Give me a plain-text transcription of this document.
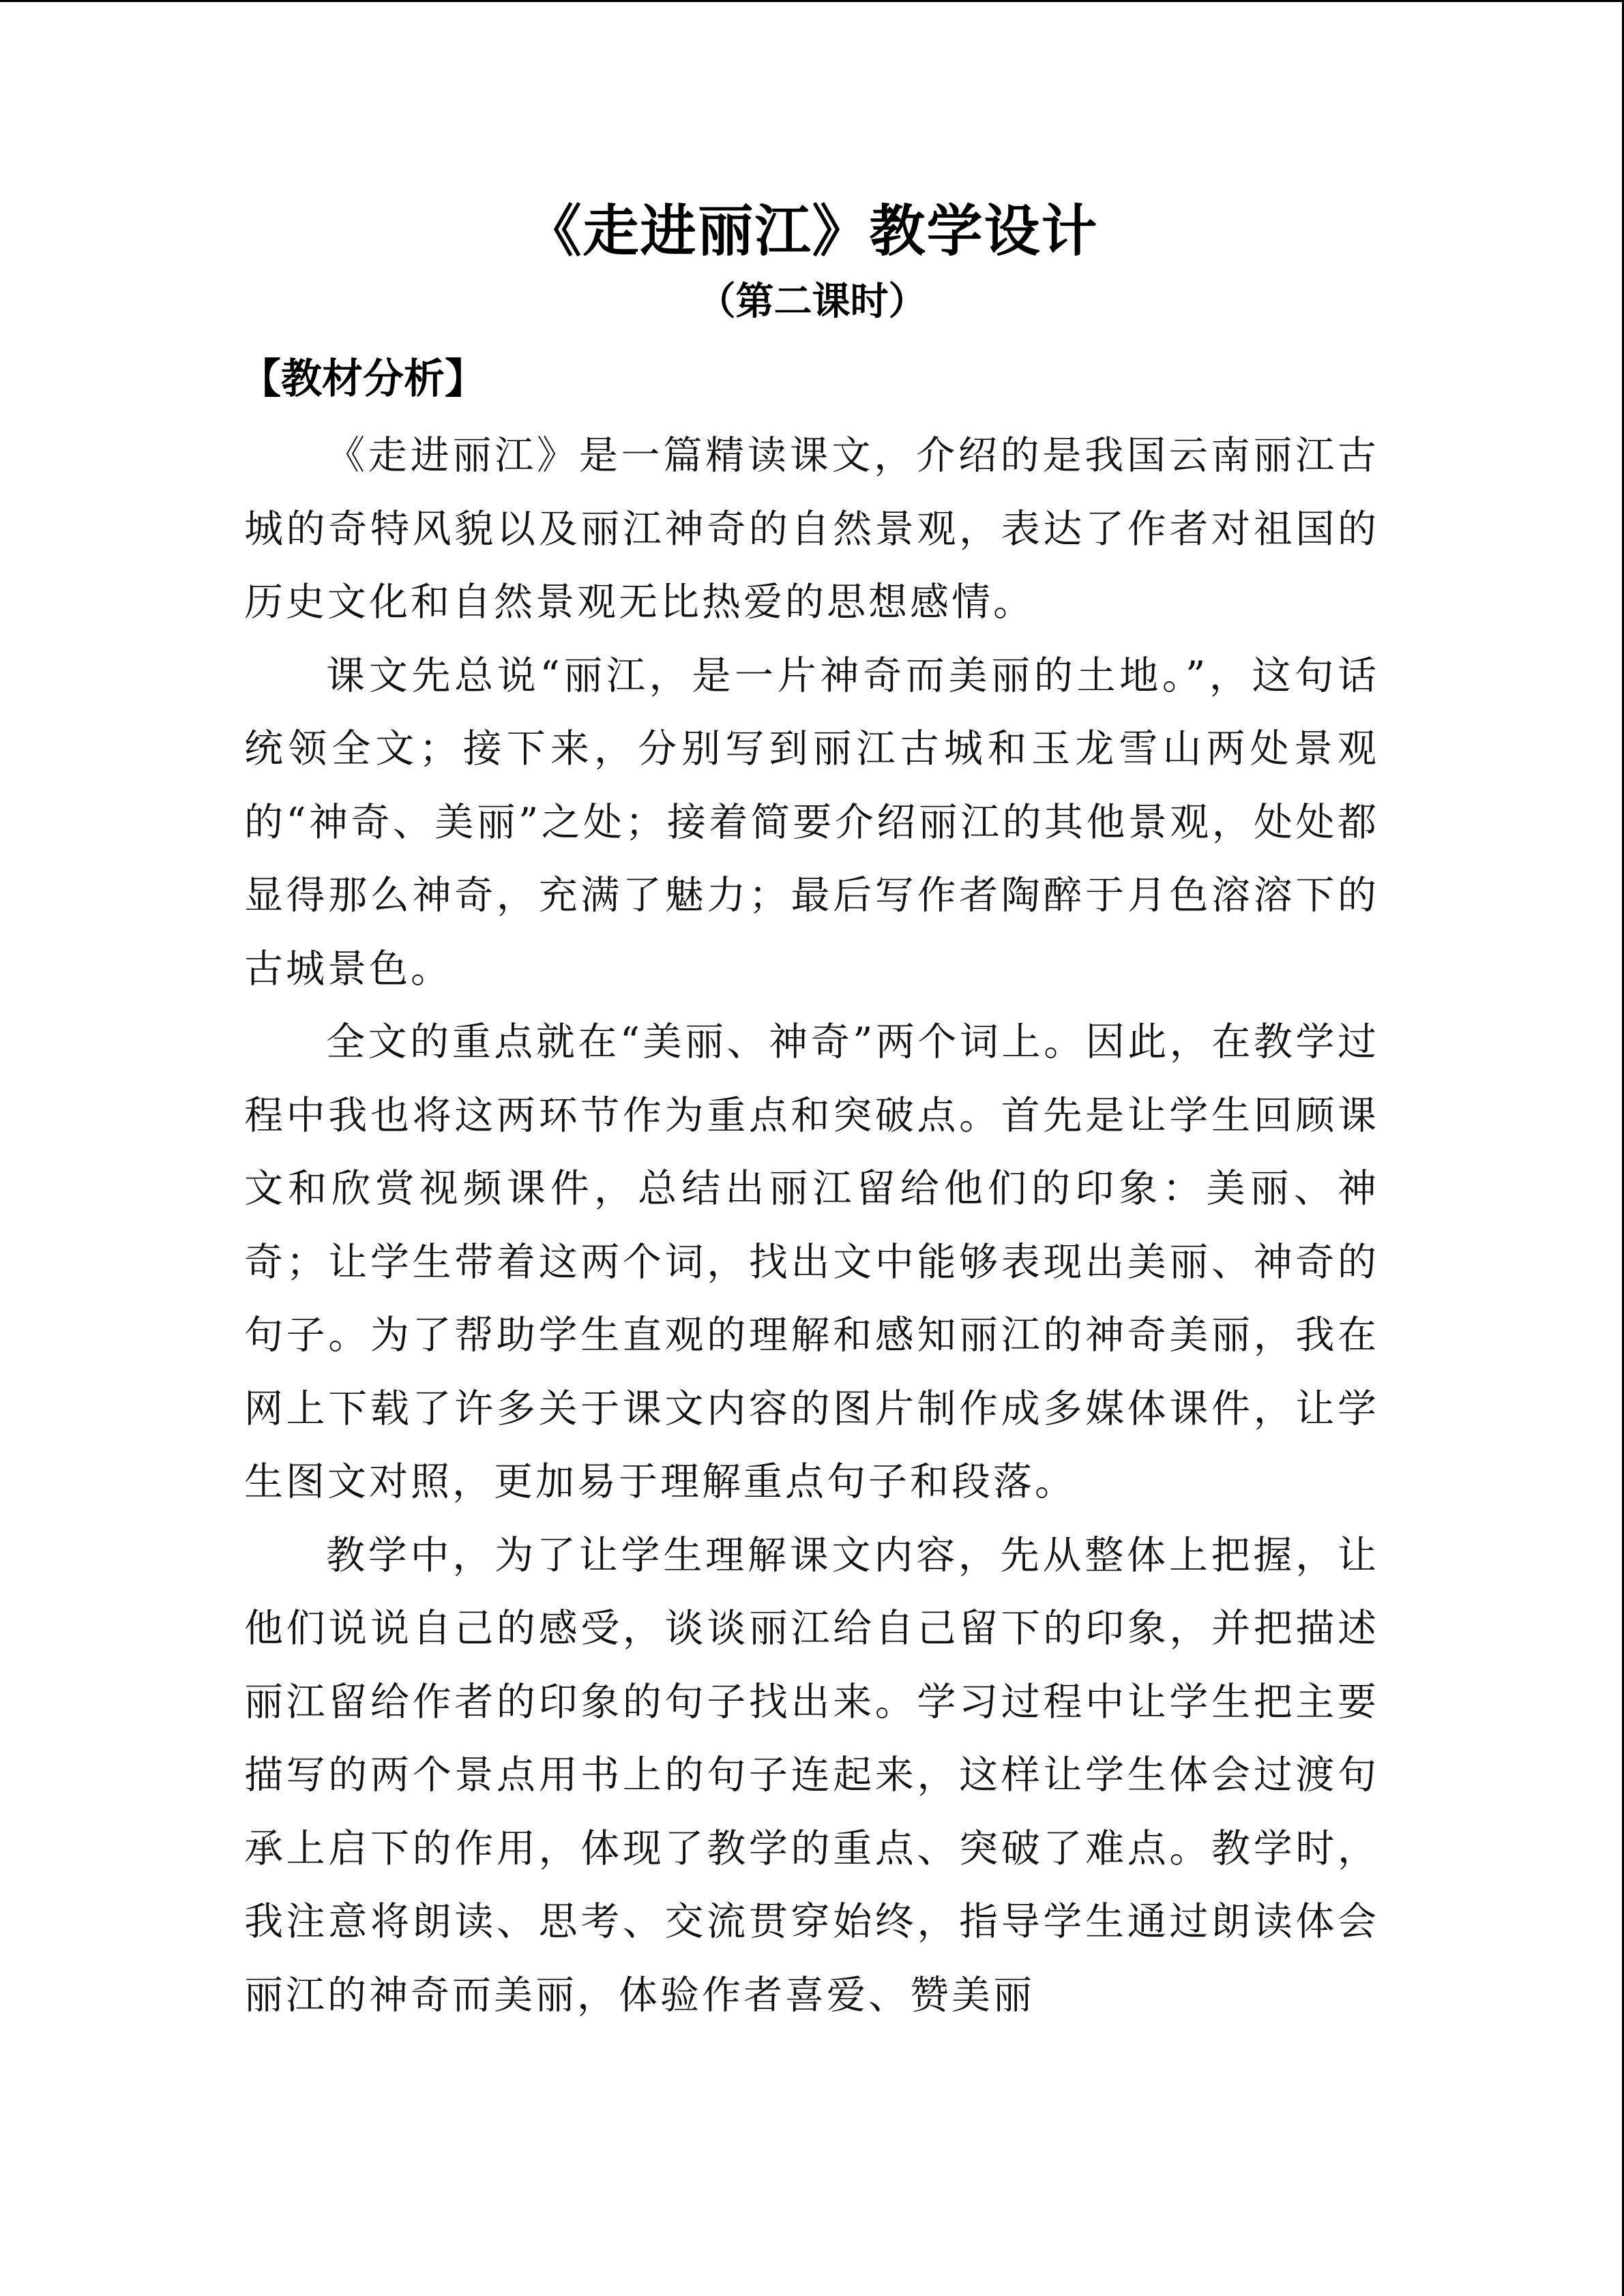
《走进丽江》教学设计
（第二课时）
【教材分析】

《走进丽江》是一篇精读课文，介绍的是我国云南丽江古城的奇特风貌以及丽江神奇的自然景观，表达了作者对祖国的历史文化和自然景观无比热爱的思想感情。

课文先总说“丽江，是一片神奇而美丽的土地。”，这句话统领全文；接下来，分别写到丽江古城和玉龙雪山两处景观的“神奇、美丽”之处；接着简要介绍丽江的其他景观，处处都显得那么神奇，充满了魅力；最后写作者陶醉于月色溶溶下的古城景色。

全文的重点就在“美丽、神奇”两个词上。因此，在教学过程中我也将这两环节作为重点和突破点。首先是让学生回顾课文和欣赏视频课件，总结出丽江留给他们的印象：美丽、神奇；让学生带着这两个词，找出文中能够表现出美丽、神奇的句子。为了帮助学生直观的理解和感知丽江的神奇美丽，我在网上下载了许多关于课文内容的图片制作成多媒体课件，让学生图文对照，更加易于理解重点句子和段落。

教学中，为了让学生理解课文内容，先从整体上把握，让他们说说自己的感受，谈谈丽江给自己留下的印象，并把描述丽江留给作者的印象的句子找出来。学习过程中让学生把主要描写的两个景点用书上的句子连起来，这样让学生体会过渡句承上启下的作用，体现了教学的重点、突破了难点。教学时，我注意将朗读、思考、交流贯穿始终，指导学生通过朗读体会丽江的神奇而美丽，体验作者喜爱、赞美丽
